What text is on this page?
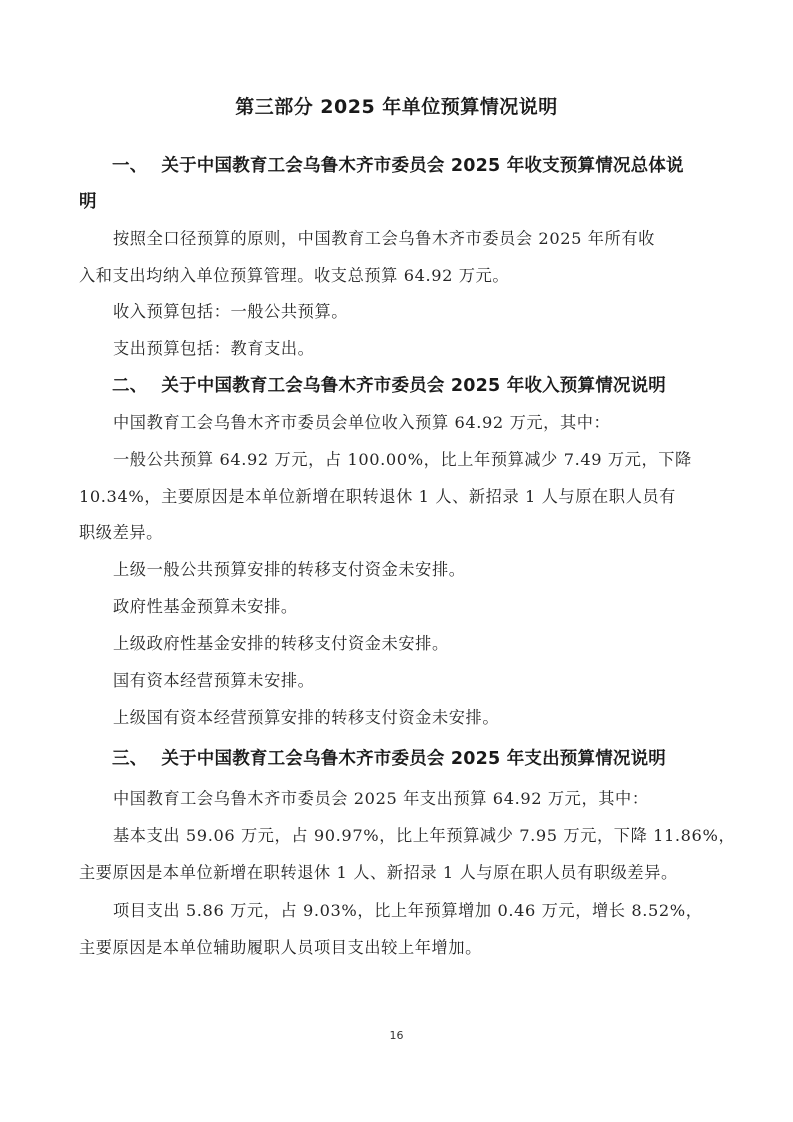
第三部分 2025 年单位预算情况说明
一、 关于中国教育工会乌鲁木齐市委员会 2025 年收支预算情况总体说
明
按照全口径预算的原则，中国教育工会乌鲁木齐市委员会 2025 年所有收
入和支出均纳入单位预算管理。收支总预算 64.92 万元。
收入预算包括：一般公共预算。
支出预算包括：教育支出。
二、 关于中国教育工会乌鲁木齐市委员会 2025 年收入预算情况说明
中国教育工会乌鲁木齐市委员会单位收入预算 64.92 万元，其中：
一般公共预算 64.92 万元，占 100.00%，比上年预算减少 7.49 万元，下降
10.34%，主要原因是本单位新增在职转退休 1 人、新招录 1 人与原在职人员有
职级差异。
上级一般公共预算安排的转移支付资金未安排。
政府性基金预算未安排。
上级政府性基金安排的转移支付资金未安排。
国有资本经营预算未安排。
上级国有资本经营预算安排的转移支付资金未安排。
三、 关于中国教育工会乌鲁木齐市委员会 2025 年支出预算情况说明
中国教育工会乌鲁木齐市委员会 2025 年支出预算 64.92 万元，其中：
基本支出 59.06 万元，占 90.97%，比上年预算减少 7.95 万元，下降 11.86%，
主要原因是本单位新增在职转退休 1 人、新招录 1 人与原在职人员有职级差异。
项目支出 5.86 万元，占 9.03%，比上年预算增加 0.46 万元，增长 8.52%，
主要原因是本单位辅助履职人员项目支出较上年增加。
16
